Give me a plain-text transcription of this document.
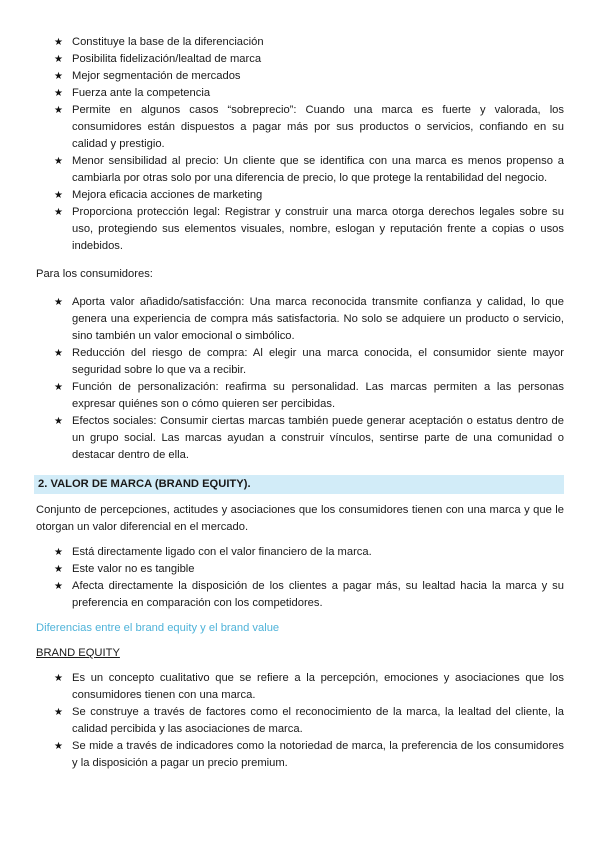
★ Constituye la base de la diferenciación
★ Posibilita fidelización/lealtad de marca
★ Mejor segmentación de mercados
★ Fuerza ante la competencia
★ Permite en algunos casos “sobreprecio”: Cuando una marca es fuerte y valorada, los consumidores están dispuestos a pagar más por sus productos o servicios, confiando en su calidad y prestigio.
★ Menor sensibilidad al precio: Un cliente que se identifica con una marca es menos propenso a cambiarla por otras solo por una diferencia de precio, lo que protege la rentabilidad del negocio.
★ Mejora eficacia acciones de marketing
★ Proporciona protección legal: Registrar y construir una marca otorga derechos legales sobre su uso, protegiendo sus elementos visuales, nombre, eslogan y reputación frente a copias o usos indebidos.

Para los consumidores:

★ Aporta valor añadido/satisfacción: Una marca reconocida transmite confianza y calidad, lo que genera una experiencia de compra más satisfactoria. No solo se adquiere un producto o servicio, sino también un valor emocional o simbólico.
★ Reducción del riesgo de compra: Al elegir una marca conocida, el consumidor siente mayor seguridad sobre lo que va a recibir.
★ Función de personalización: reafirma su personalidad. Las marcas permiten a las personas expresar quiénes son o cómo quieren ser percibidas.
★ Efectos sociales: Consumir ciertas marcas también puede generar aceptación o estatus dentro de un grupo social. Las marcas ayudan a construir vínculos, sentirse parte de una comunidad o destacar dentro de ella.
2. VALOR DE MARCA (BRAND EQUITY).

Conjunto de percepciones, actitudes y asociaciones que los consumidores tienen con una marca y que le otorgan un valor diferencial en el mercado.

★ Está directamente ligado con el valor financiero de la marca.
★ Este valor no es tangible
★ Afecta directamente la disposición de los clientes a pagar más, su lealtad hacia la marca y su preferencia en comparación con los competidores.

Diferencias entre el brand equity y el brand value

BRAND EQUITY

★ Es un concepto cualitativo que se refiere a la percepción, emociones y asociaciones que los consumidores tienen con una marca.
★ Se construye a través de factores como el reconocimiento de la marca, la lealtad del cliente, la calidad percibida y las asociaciones de marca.
★ Se mide a través de indicadores como la notoriedad de marca, la preferencia de los consumidores y la disposición a pagar un precio premium.
